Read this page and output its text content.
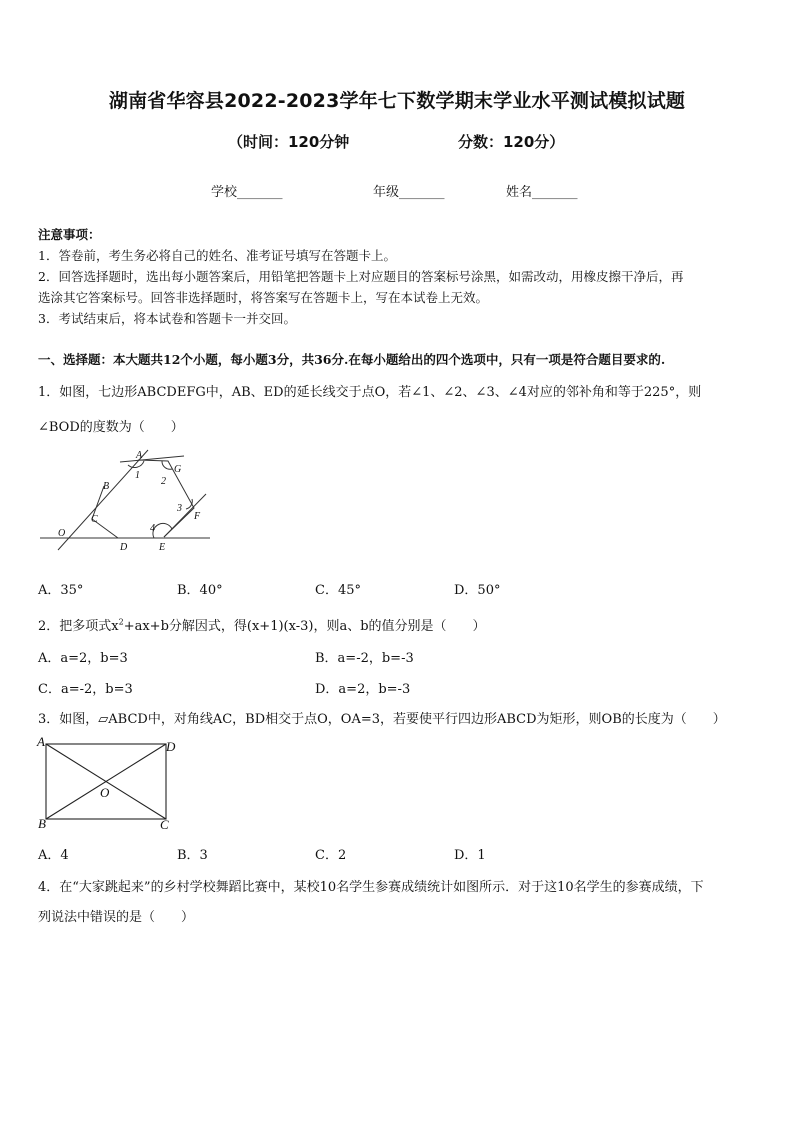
湖南省华容县2022-2023学年七下数学期末学业水平测试模拟试题
（时间：120分钟	分数：120分）
学校_______	年级_______	姓名_______
注意事项：
1．答卷前，考生务必将自己的姓名、准考证号填写在答题卡上。
2．回答选择题时，选出每小题答案后，用铅笔把答题卡上对应题目的答案标号涂黑，如需改动，用橡皮擦干净后，再
选涂其它答案标号。回答非选择题时，将答案写在答题卡上，写在本试卷上无效。
3．考试结束后，将本试卷和答题卡一并交回。
一、选择题：本大题共12个小题，每小题3分，共36分.在每小题给出的四个选项中，只有一项是符合题目要求的.
1．如图，七边形ABCDEFG中，AB、ED的延长线交于点O，若∠1、∠2、∠3、∠4对应的邻补角和等于225°，则
∠BOD的度数为（　　）
A
G
B
1
2
3
F
C
4
O
D	E
A．35°	B．40°	C．45°	D．50°
2．把多项式$x^2+ax+b$分解因式，得(x+1)(x-3)，则a、b的值分别是（　　）
A．a=2，b=3	B．a=-2，b=-3
C．a=-2，b=3	D．a=2，b=-3
3．如图，▱ABCD中，对角线AC，BD相交于点O，OA=3，若要使平行四边形ABCD为矩形，则OB的长度为（　　）
A	D
O
B	C
A．4	B．3	C．2	D．1
4．在“大家跳起来”的乡村学校舞蹈比赛中，某校10名学生参赛成绩统计如图所示．对于这10名学生的参赛成绩，下
列说法中错误的是（　　）
